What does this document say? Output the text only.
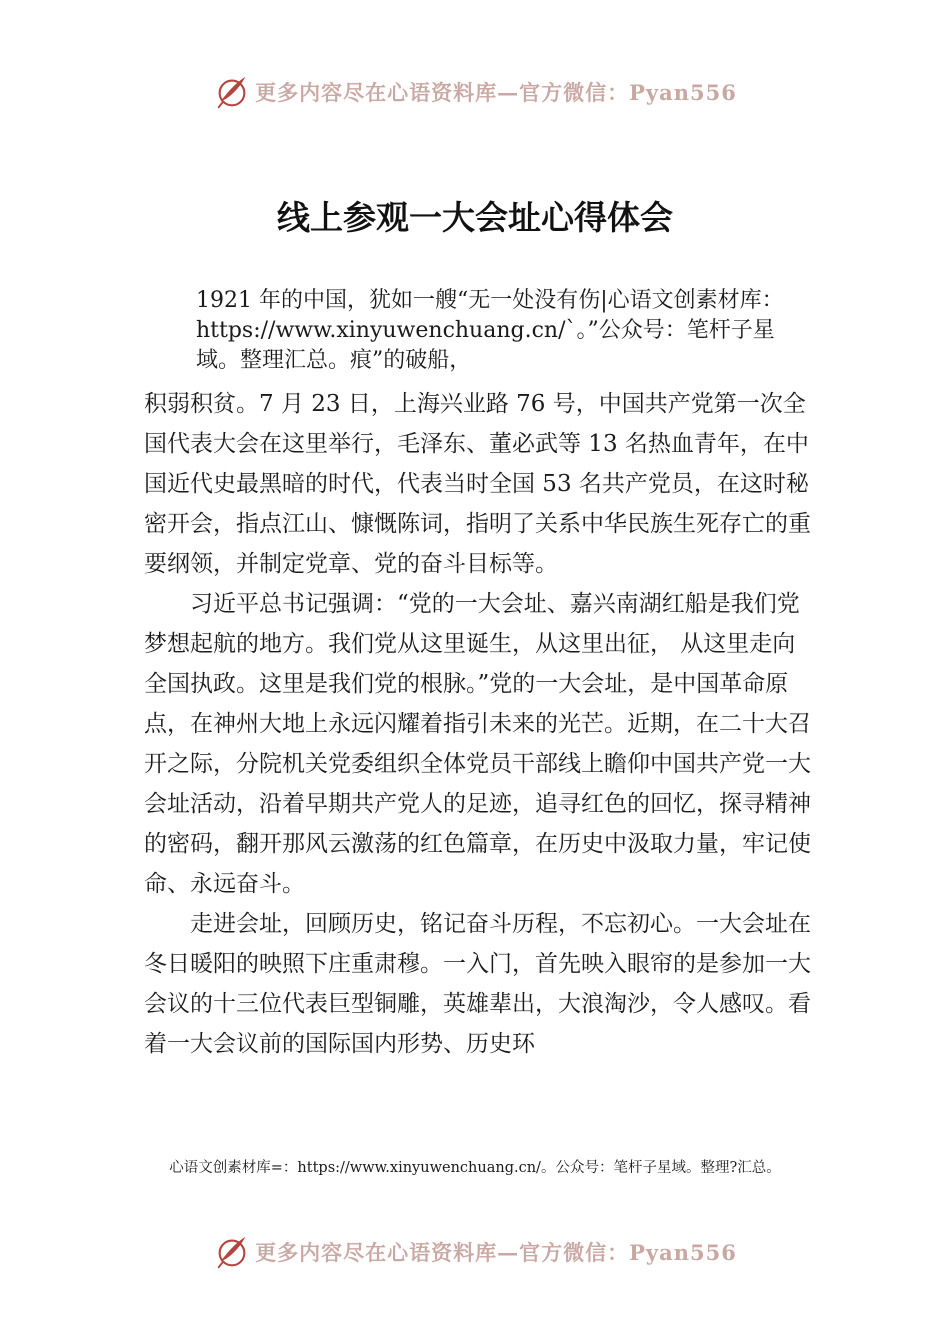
更多内容尽在心语资料库—官方微信：Pyan556
线上参观一大会址心得体会

1921 年的中国，犹如一艘“无一处没有伤|心语文创素材库：https://www.xinyuwenchuang.cn/`。”公众号：笔杆子星域。整理汇总。痕”的破船，

积弱积贫。7 月 23 日，上海兴业路 76 号，中国共产党第一次全国代表大会在这里举行，毛泽东、董必武等 13 名热血青年，在中国近代史最黑暗的时代，代表当时全国 53 名共产党员，在这时秘密开会，指点江山、慷慨陈词，指明了关系中华民族生死存亡的重要纲领，并制定党章、党的奋斗目标等。

习近平总书记强调：“党的一大会址、嘉兴南湖红船是我们党梦想起航的地方。我们党从这里诞生，从这里出征， 从这里走向全国执政。这里是我们党的根脉。”党的一大会址，是中国革命原点，在神州大地上永远闪耀着指引未来的光芒。近期，在二十大召开之际，分院机关党委组织全体党员干部线上瞻仰中国共产党一大会址活动，沿着早期共产党人的足迹，追寻红色的回忆，探寻精神的密码，翻开那风云激荡的红色篇章，在历史中汲取力量，牢记使命、永远奋斗。

走进会址，回顾历史，铭记奋斗历程，不忘初心。一大会址在冬日暖阳的映照下庄重肃穆。一入门，首先映入眼帘的是参加一大会议的十三位代表巨型铜雕，英雄辈出，大浪淘沙，令人感叹。看着一大会议前的国际国内形势、历史环

心语文创素材库=：https://www.xinyuwenchuang.cn/。公众号：笔杆子星域。整理?汇总。

更多内容尽在心语资料库—官方微信：Pyan556
